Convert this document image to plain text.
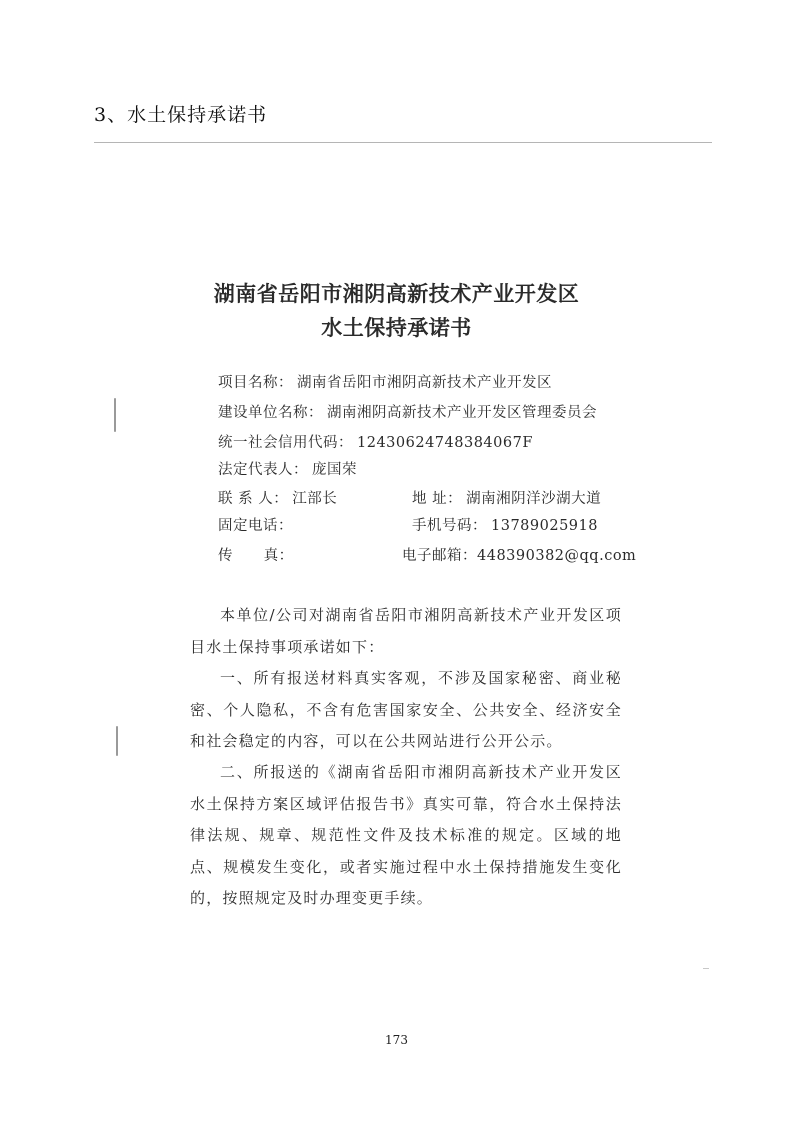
3、水土保持承诺书
湖南省岳阳市湘阴高新技术产业开发区
水土保持承诺书
项目名称： 湖南省岳阳市湘阴高新技术产业开发区
建设单位名称： 湖南湘阴高新技术产业开发区管理委员会
统一社会信用代码： 12430624748384067F
法定代表人： 庞国荣
联 系 人： 江部长	地 址： 湖南湘阴洋沙湖大道
固定电话：	手机号码： 13789025918
传      真：	电子邮箱：448390382@qq.com
本单位/公司对湖南省岳阳市湘阴高新技术产业开发区项目水土保持事项承诺如下：
一、所有报送材料真实客观，不涉及国家秘密、商业秘密、个人隐私，不含有危害国家安全、公共安全、经济安全和社会稳定的内容，可以在公共网站进行公开公示。
二、所报送的《湖南省岳阳市湘阴高新技术产业开发区水土保持方案区域评估报告书》真实可靠，符合水土保持法律法规、规章、规范性文件及技术标准的规定。区域的地点、规模发生变化，或者实施过程中水土保持措施发生变化的，按照规定及时办理变更手续。
173
